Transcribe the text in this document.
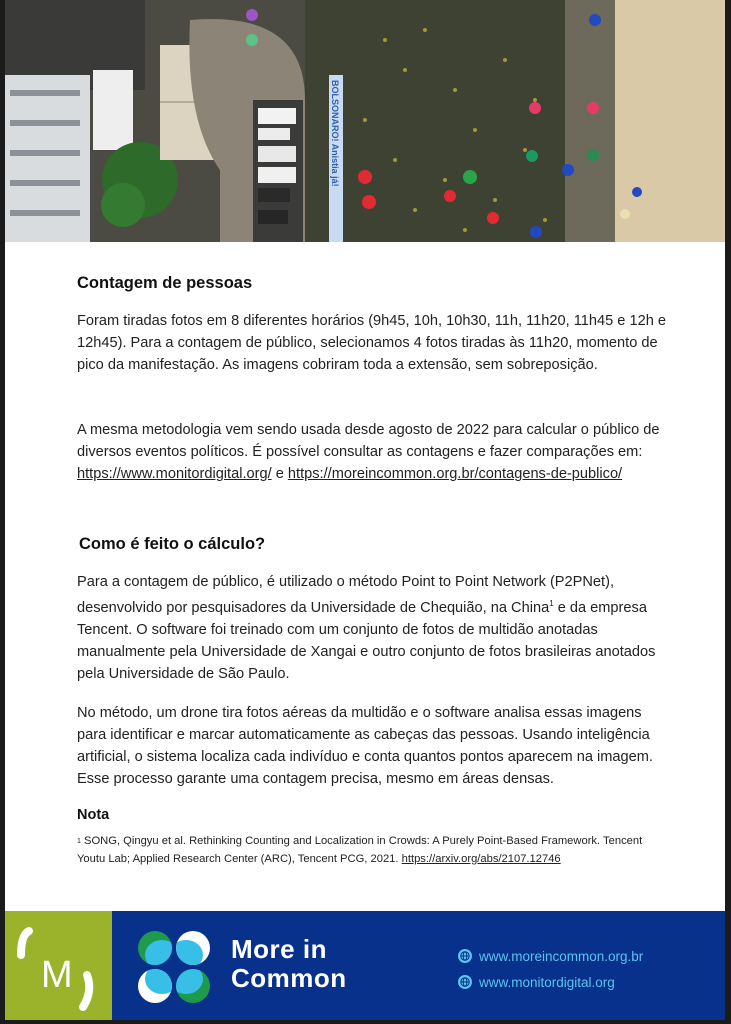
BOLSONARO! Anistia já!
Contagem de pessoas

Foram tiradas fotos em 8 diferentes horários (9h45, 10h, 10h30, 11h, 11h20, 11h45 e 12h e 12h45). Para a contagem de público, selecionamos 4 fotos tiradas às 11h20, momento de pico da manifestação. As imagens cobriram toda a extensão, sem sobreposição.

A mesma metodologia vem sendo usada desde agosto de 2022 para calcular o público de diversos eventos políticos. É possível consultar as contagens e fazer comparações em: https://www.monitordigital.org/ e https://moreincommon.org.br/contagens-de-publico/

Como é feito o cálculo?

Para a contagem de público, é utilizado o método Point to Point Network (P2PNet), desenvolvido por pesquisadores da Universidade de Chequião, na China$^1$ e da empresa Tencent. O software foi treinado com um conjunto de fotos de multidão anotadas manualmente pela Universidade de Xangai e outro conjunto de fotos brasileiras anotados pela Universidade de São Paulo.

No método, um drone tira fotos aéreas da multidão e o software analisa essas imagens para identificar e marcar automaticamente as cabeças das pessoas. Usando inteligência artificial, o sistema localiza cada indivíduo e conta quantos pontos aparecem na imagem. Esse processo garante uma contagem precisa, mesmo em áreas densas.

Nota
$^1$ SONG, Qingyu et al. Rethinking Counting and Localization in Crowds: A Purely Point-Based Framework. Tencent Youtu Lab; Applied Research Center (ARC), Tencent PCG, 2021. https://arxiv.org/abs/2107.12746
M
More in
Common
www.moreincommon.org.br
www.monitordigital.org
